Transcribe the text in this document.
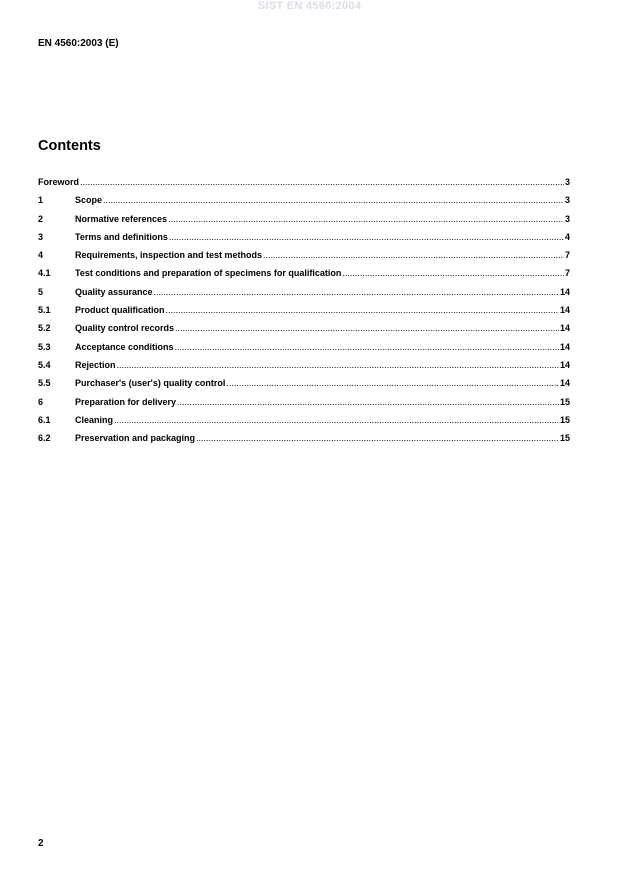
SIST EN 4560:2004
EN 4560:2003 (E)
Contents
Foreword .....	3
1	Scope .....	3
2	Normative references .....	3
3	Terms and definitions .....	4
4	Requirements, inspection and test methods .....	7
4.1	Test conditions and preparation of specimens for qualification .....	7
5	Quality assurance .....	14
5.1	Product qualification .....	14
5.2	Quality control records .....	14
5.3	Acceptance conditions .....	14
5.4	Rejection .....	14
5.5	Purchaser's (user's) quality control .....	14
6	Preparation for delivery .....	15
6.1	Cleaning .....	15
6.2	Preservation and packaging .....	15
2
